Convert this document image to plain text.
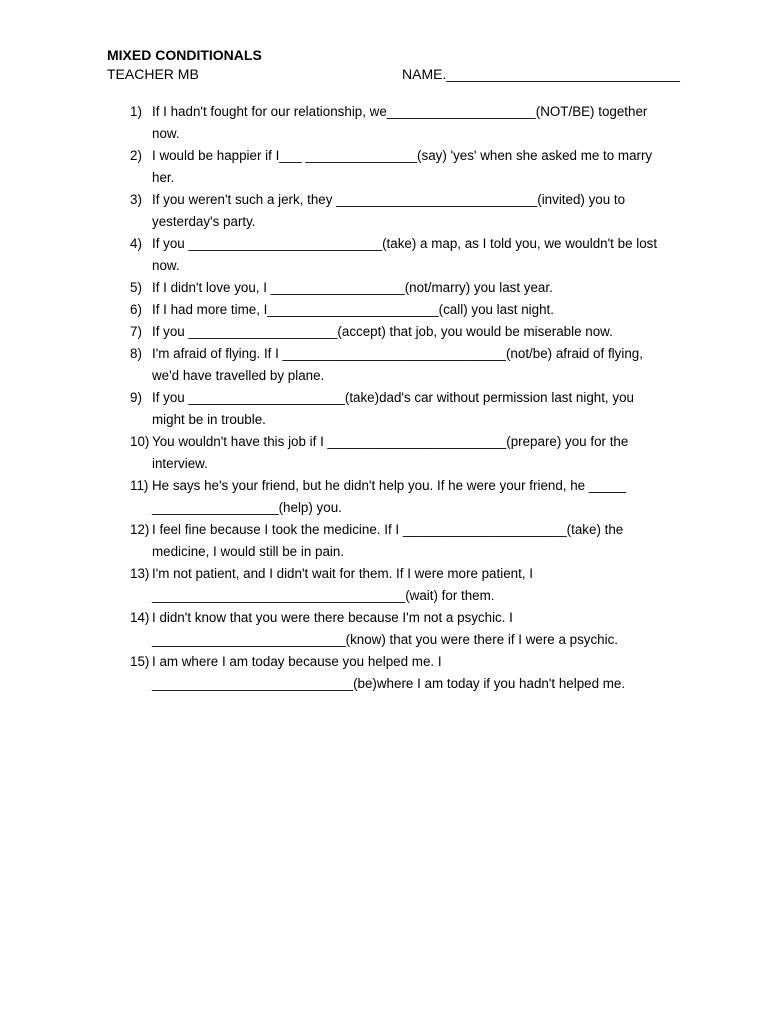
MIXED CONDITIONALS
TEACHER MB	NAME.______________________________
1) If I hadn't fought for our relationship, we____________________(NOT/BE) together now.
2) I would be happier if I___ _______________(say) 'yes' when she asked me to marry her.
3) If you weren't such a jerk, they ___________________________(invited) you to yesterday's party.
4) If you __________________________(take) a map, as I told you, we wouldn't be lost now.
5) If I didn't love you, I __________________(not/marry) you last year.
6) If I had more time, I_______________________(call) you last night.
7) If you ____________________(accept) that job, you would be miserable now.
8) I'm afraid of flying. If I ______________________________(not/be) afraid of flying, we'd have travelled by plane.
9) If you _____________________(take)dad's car without permission last night, you might be in trouble.
10) You wouldn't have this job if I ________________________(prepare) you for the interview.
11) He says he's your friend, but he didn't help you. If he were your friend, he _____ _________________(help) you.
12) I feel fine because I took the medicine. If I ______________________(take) the medicine, I would still be in pain.
13) I'm not patient, and I didn't wait for them. If I were more patient, I __________________________________(wait) for them.
14) I didn't know that you were there because I'm not a psychic. I __________________________(know) that you were there if I were a psychic.
15) I am where I am today because you helped me. I ___________________________(be)where I am today if you hadn't helped me.
